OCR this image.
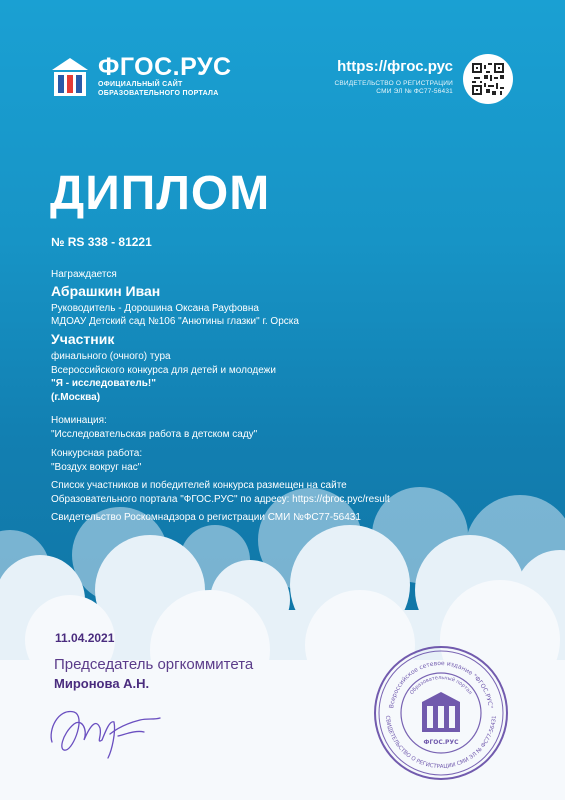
ФГОС.РУС
ОФИЦИАЛЬНЫЙ САЙТ
ОБРАЗОВАТЕЛЬНОГО ПОРТАЛА
https://фгос.рус
СВИДЕТЕЛЬСТВО О РЕГИСТРАЦИИ
СМИ ЭЛ № ФС77-56431
ДИПЛОМ
№ RS 338 - 81221
Награждается
Абрашкин Иван
Руководитель - Дорошина Оксана Рауфовна
МДОАУ Детский сад №106 "Анютины глазки" г. Орска
Участник
финального (очного) тура
Всероссийского конкурса для детей и молодежи
"Я - исследователь!"
(г.Москва)
Номинация:
"Исследовательская работа в детском саду"
Конкурсная работа:
"Воздух вокруг нас"
Список участников и победителей конкурса размещен на сайте
Образовательного портала "ФГОС.РУС" по адресу: https://фгос.рус/result
Свидетельство Роскомнадзора о регистрации СМИ №ФС77-56431
11.04.2021
Председатель оргкоммитета
Миронова А.Н.
Всероссийское сетевое издание "ФГОС.РУС"
СВИДЕТЕЛЬСТВО О РЕГИСТРАЦИИ СМИ ЭЛ № ФС77-56431
Образовательный портал
ФГОС.РУС
